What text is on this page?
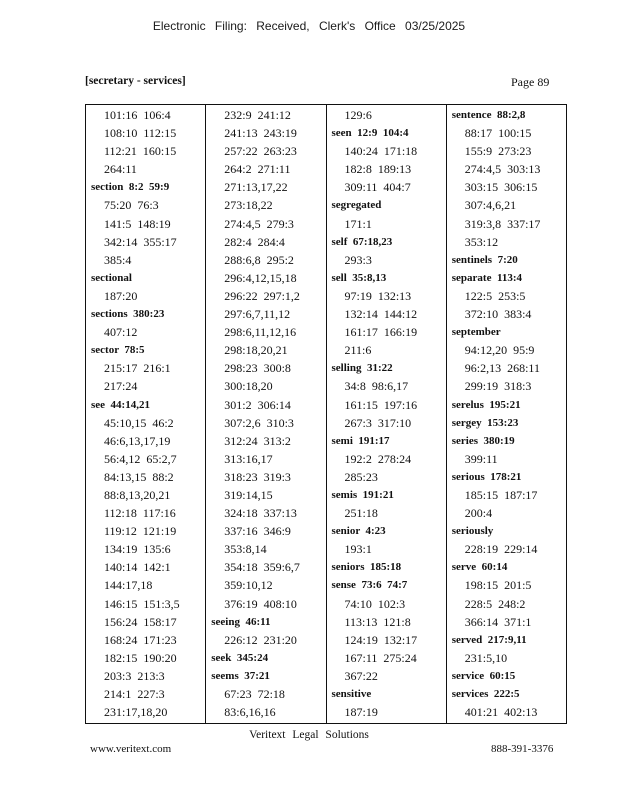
Electronic Filing: Received, Clerk's Office 03/25/2025
[secretary - services]	Page 89
101:16  106:4
108:10  112:15
112:21  160:15
264:11
section  8:2  59:9
75:20  76:3
141:5  148:19
342:14  355:17
385:4
sectional
187:20
sections  380:23
407:12
sector  78:5
215:17  216:1
217:24
see  44:14,21
45:10,15  46:2
46:6,13,17,19
56:4,12  65:2,7
84:13,15  88:2
88:8,13,20,21
112:18  117:16
119:12  121:19
134:19  135:6
140:14  142:1
144:17,18
146:15  151:3,5
156:24  158:17
168:24  171:23
182:15  190:20
203:3  213:3
214:1  227:3
231:17,18,20
232:9  241:12
241:13  243:19
257:22  263:23
264:2  271:11
271:13,17,22
273:18,22
274:4,5  279:3
282:4  284:4
288:6,8  295:2
296:4,12,15,18
296:22  297:1,2
297:6,7,11,12
298:6,11,12,16
298:18,20,21
298:23  300:8
300:18,20
301:2  306:14
307:2,6  310:3
312:24  313:2
313:16,17
318:23  319:3
319:14,15
324:18  337:13
337:16  346:9
353:8,14
354:18  359:6,7
359:10,12
376:19  408:10
seeing  46:11
226:12  231:20
seek  345:24
seems  37:21
67:23  72:18
83:6,16,16
129:6
seen  12:9  104:4
140:24  171:18
182:8  189:13
309:11  404:7
segregated
171:1
self  67:18,23
293:3
sell  35:8,13
97:19  132:13
132:14  144:12
161:17  166:19
211:6
selling  31:22
34:8  98:6,17
161:15  197:16
267:3  317:10
semi  191:17
192:2  278:24
285:23
semis  191:21
251:18
senior  4:23
193:1
seniors  185:18
sense  73:6  74:7
74:10  102:3
113:13  121:8
124:19  132:17
167:11  275:24
367:22
sensitive
187:19
sentence  88:2,8
88:17  100:15
155:9  273:23
274:4,5  303:13
303:15  306:15
307:4,6,21
319:3,8  337:17
353:12
sentinels  7:20
separate  113:4
122:5  253:5
372:10  383:4
september
94:12,20  95:9
96:2,13  268:11
299:19  318:3
serelus  195:21
sergey  153:23
series  380:19
399:11
serious  178:21
185:15  187:17
200:4
seriously
228:19  229:14
serve  60:14
198:15  201:5
228:5  248:2
366:14  371:1
served  217:9,11
231:5,10
service  60:15
services  222:5
401:21  402:13
Veritext Legal Solutions
www.veritext.com	888-391-3376
